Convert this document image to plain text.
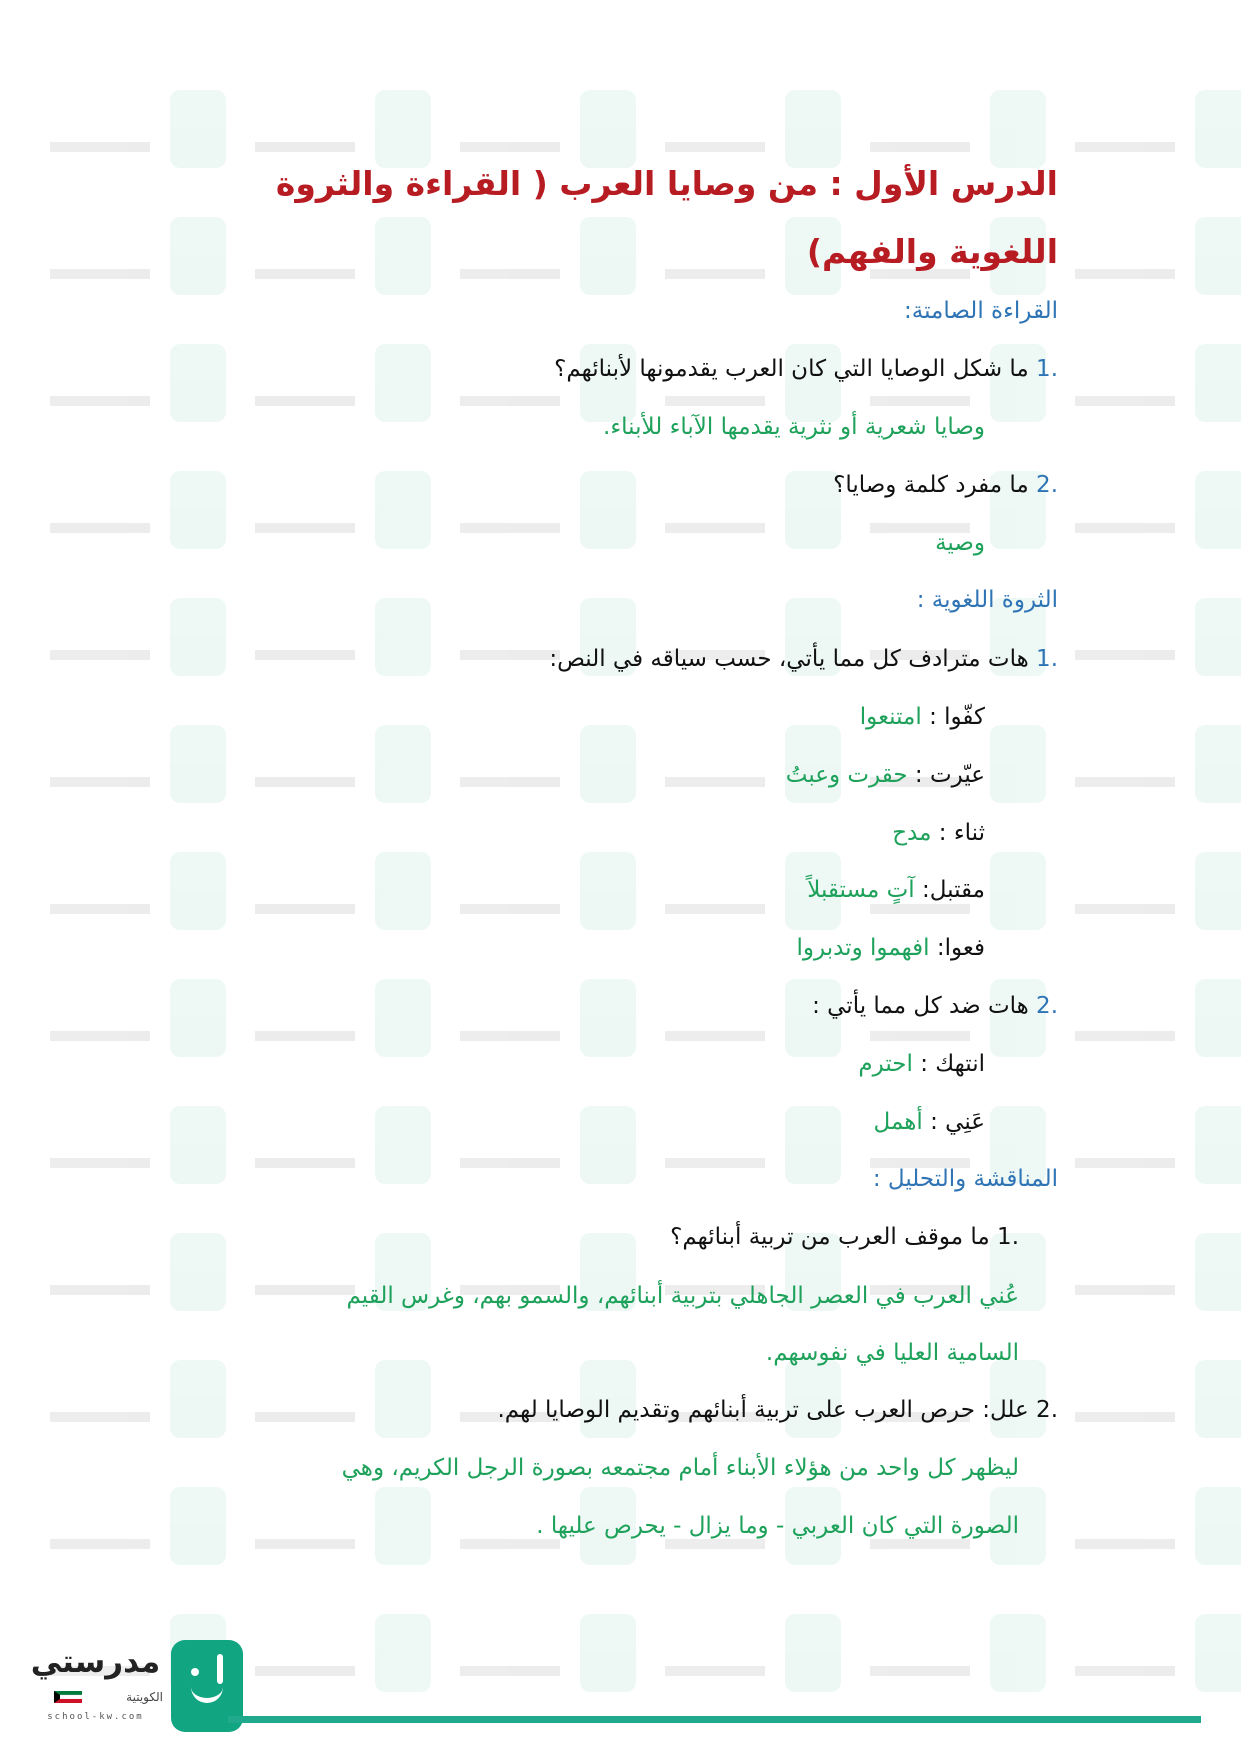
الدرس الأول : من وصايا العرب ( القراءة والثروة اللغوية والفهم)
القراءة الصامتة:
.1 ما شكل الوصايا التي كان العرب يقدمونها لأبنائهم؟
وصايا شعرية أو نثرية يقدمها الآباء للأبناء.
.2 ما مفرد كلمة وصايا؟
وصية
الثروة اللغوية :
.1 هات مترادف كل مما يأتي، حسب سياقه في النص:
كفّوا : امتنعوا
عيّرت : حقرت وعبتُ
ثناء : مدح
مقتبل: آتٍ مستقبلاً
فعوا: افهموا وتدبروا
.2 هات ضد كل مما يأتي :
انتهك : احترم
عَنِي : أهمل
المناقشة والتحليل :
.1 ما موقف العرب من تربية أبنائهم؟
عُني العرب في العصر الجاهلي بتربية أبنائهم، والسمو بهم، وغرس القيم
السامية العليا في نفوسهم.
.2 علل: حرص العرب على تربية أبنائهم وتقديم الوصايا لهم.
ليظهر كل واحد من هؤلاء الأبناء أمام مجتمعه بصورة الرجل الكريم، وهي
الصورة التي كان العربي - وما يزال - يحرص عليها .
مدرستي
الكويتية
school-kw.com
